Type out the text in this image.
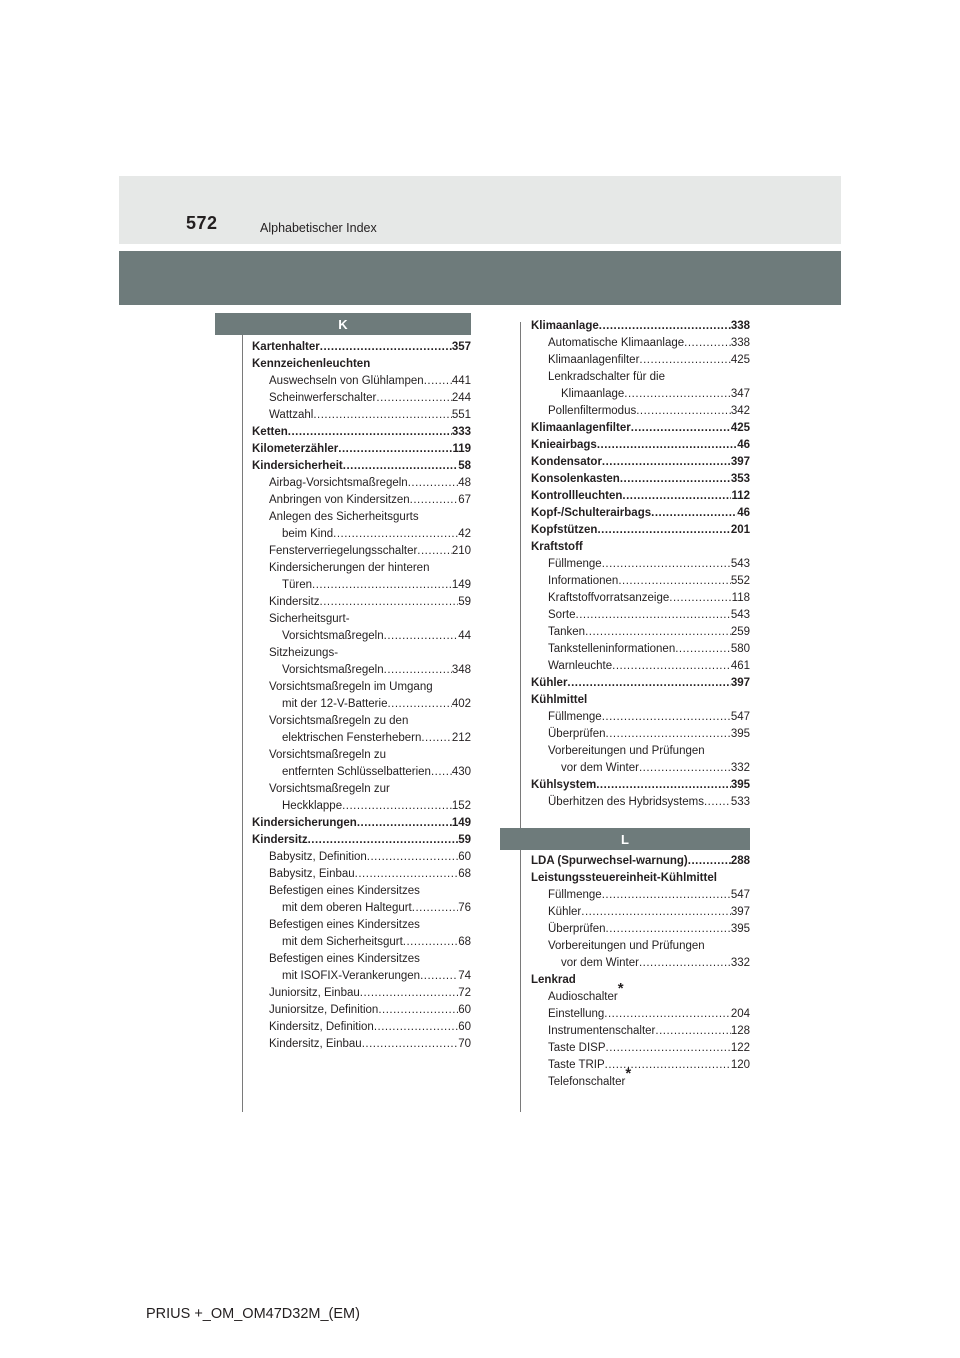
572	Alphabetischer Index
K
L
Kartenhalter .....	357
Kennzeichenleuchten
Auswechseln von Glühlampen ..... 441
Scheinwerferschalter .....	244
Wattzahl .....	551
Ketten .....	333
Kilometerzähler .....	119
Kindersicherheit .....	58
Airbag-Vorsichtsmaßregeln .....	48
Anbringen von Kindersitzen .....	67
Anlegen des Sicherheitsgurts
beim Kind .....	42
Fensterverriegelungsschalter .....	210
Kindersicherungen der hinteren
Türen .....	149
Kindersitz .....	59
Sicherheitsgurt-
Vorsichtsmaßregeln .....	44
Sitzheizungs-
Vorsichtsmaßregeln .....	348
Vorsichtsmaßregeln im Umgang
mit der 12-V-Batterie .....	402
Vorsichtsmaßregeln zu den
elektrischen Fensterhebern .....	212
Vorsichtsmaßregeln zu
entfernten Schlüsselbatterien ..... 430
Vorsichtsmaßregeln zur
Heckklappe .....	152
Kindersicherungen .....	149
Kindersitz .....	59
Babysitz, Definition .....	60
Babysitz, Einbau .....	68
Befestigen eines Kindersitzes
mit dem oberen Haltegurt .....	76
Befestigen eines Kindersitzes
mit dem Sicherheitsgurt .....	68
Befestigen eines Kindersitzes
mit ISOFIX-Verankerungen .....	74
Juniorsitz, Einbau .....	72
Juniorsitze, Definition .....	60
Kindersitz, Definition .....	60
Kindersitz, Einbau .....	70
Klimaanlage .....	338
Automatische Klimaanlage .....	338
Klimaanlagenfilter .....	425
Lenkradschalter für die
Klimaanlage .....	347
Pollenfiltermodus .....	342
Klimaanlagenfilter .....	425
Knieairbags .....	46
Kondensator .....	397
Konsolenkasten .....	353
Kontrollleuchten .....	112
Kopf-/Schulterairbags .....	46
Kopfstützen .....	201
Kraftstoff
Füllmenge .....	543
Informationen .....	552
Kraftstoffvorratsanzeige .....	118
Sorte .....	543
Tanken .....	259
Tankstelleninformationen .....	580
Warnleuchte .....	461
Kühler .....	397
Kühlmittel
Füllmenge .....	547
Überprüfen .....	395
Vorbereitungen und Prüfungen
vor dem Winter .....	332
Kühlsystem .....	395
Überhitzen des Hybridsystems ..... 533
LDA (Spurwechsel-warnung) .....	288
Leistungssteuereinheit-Kühlmittel
Füllmenge .....	547
Kühler .....	397
Überprüfen .....	395
Vorbereitungen und Prüfungen
vor dem Winter .....	332
Lenkrad
Audioschalter*
Einstellung .....	204
Instrumentenschalter .....	128
Taste DISP .....	122
Taste TRIP .....	120
Telefonschalter*
PRIUS +_OM_OM47D32M_(EM)
